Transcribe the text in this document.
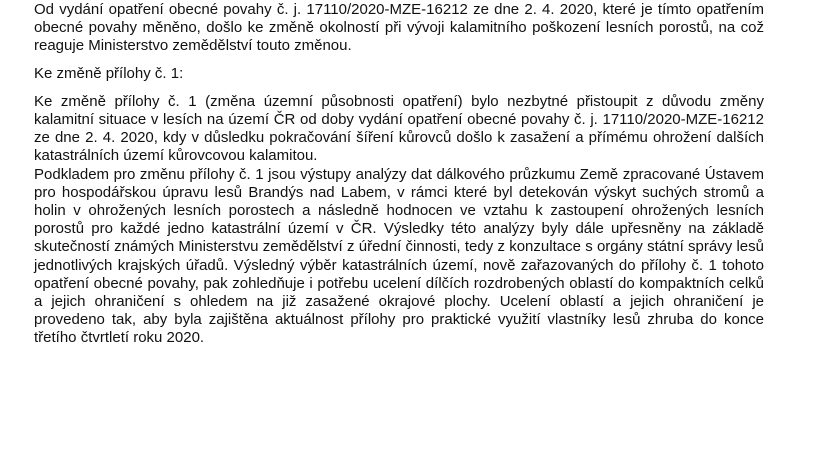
Od vydání opatření obecné povahy č. j. 17110/2020-MZE-16212 ze dne 2. 4. 2020, které je tímto opatřením obecné povahy měněno, došlo ke změně okolností při vývoji kalamitního poškození lesních porostů, na což reaguje Ministerstvo zemědělství touto změnou.

Ke změně přílohy č. 1:

Ke změně přílohy č. 1 (změna územní působnosti opatření) bylo nezbytné přistoupit z důvodu změny kalamitní situace v lesích na území ČR od doby vydání opatření obecné povahy č. j. 17110/2020-MZE-16212 ze dne 2. 4. 2020, kdy v důsledku pokračování šíření kůrovců došlo k zasažení a přímému ohrožení dalších katastrálních území kůrovcovou kalamitou.

Podkladem pro změnu přílohy č. 1 jsou výstupy analýzy dat dálkového průzkumu Země zpracované Ústavem pro hospodářskou úpravu lesů Brandýs nad Labem, v rámci které byl detekován výskyt suchých stromů a holin v ohrožených lesních porostech a následně hodnocen ve vztahu k zastoupení ohrožených lesních porostů pro každé jedno katastrální území v ČR. Výsledky této analýzy byly dále upřesněny na základě skutečností známých Ministerstvu zemědělství z úřední činnosti, tedy z konzultace s orgány státní správy lesů jednotlivých krajských úřadů. Výsledný výběr katastrálních území, nově zařazovaných do přílohy č. 1 tohoto opatření obecné povahy, pak zohledňuje i potřebu ucelení dílčích rozdrobených oblastí do kompaktních celků a jejich ohraničení s ohledem na již zasažené okrajové plochy. Ucelení oblastí a jejich ohraničení je provedeno tak, aby byla zajištěna aktuálnost přílohy pro praktické využití vlastníky lesů zhruba do konce třetího čtvrtletí roku 2020.
